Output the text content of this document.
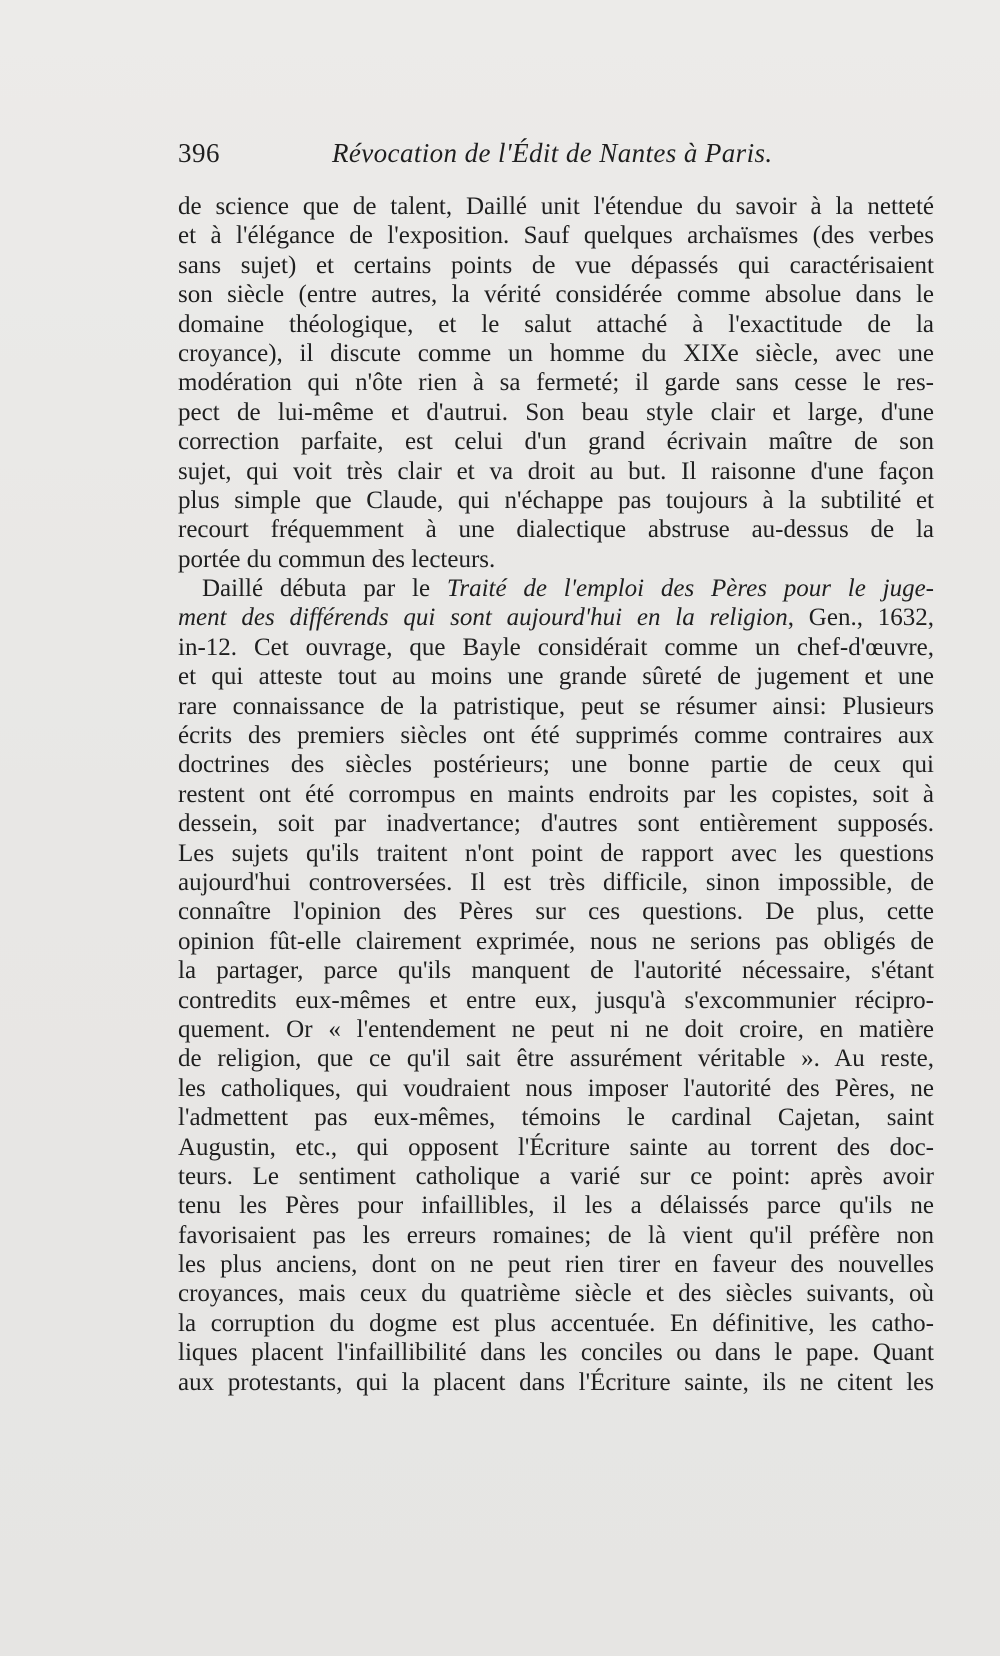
396	Révocation de l'Édit de Nantes à Paris.
de science que de talent, Daillé unit l'étendue du savoir à la netteté
et à l'élégance de l'exposition. Sauf quelques archaïsmes (des verbes
sans sujet) et certains points de vue dépassés qui caractérisaient
son siècle (entre autres, la vérité considérée comme absolue dans le
domaine théologique, et le salut attaché à l'exactitude de la
croyance), il discute comme un homme du XIXe siècle, avec une
modération qui n'ôte rien à sa fermeté; il garde sans cesse le res-
pect de lui-même et d'autrui. Son beau style clair et large, d'une
correction parfaite, est celui d'un grand écrivain maître de son
sujet, qui voit très clair et va droit au but. Il raisonne d'une façon
plus simple que Claude, qui n'échappe pas toujours à la subtilité et
recourt fréquemment à une dialectique abstruse au-dessus de la
portée du commun des lecteurs.
Daillé débuta par le Traité de l'emploi des Pères pour le juge-
ment des différends qui sont aujourd'hui en la religion, Gen., 1632,
in-12. Cet ouvrage, que Bayle considérait comme un chef-d'œuvre,
et qui atteste tout au moins une grande sûreté de jugement et une
rare connaissance de la patristique, peut se résumer ainsi: Plusieurs
écrits des premiers siècles ont été supprimés comme contraires aux
doctrines des siècles postérieurs; une bonne partie de ceux qui
restent ont été corrompus en maints endroits par les copistes, soit à
dessein, soit par inadvertance; d'autres sont entièrement supposés.
Les sujets qu'ils traitent n'ont point de rapport avec les questions
aujourd'hui controversées. Il est très difficile, sinon impossible, de
connaître l'opinion des Pères sur ces questions. De plus, cette
opinion fût-elle clairement exprimée, nous ne serions pas obligés de
la partager, parce qu'ils manquent de l'autorité nécessaire, s'étant
contredits eux-mêmes et entre eux, jusqu'à s'excommunier récipro-
quement. Or « l'entendement ne peut ni ne doit croire, en matière
de religion, que ce qu'il sait être assurément véritable ». Au reste,
les catholiques, qui voudraient nous imposer l'autorité des Pères, ne
l'admettent pas eux-mêmes, témoins le cardinal Cajetan, saint
Augustin, etc., qui opposent l'Écriture sainte au torrent des doc-
teurs. Le sentiment catholique a varié sur ce point: après avoir
tenu les Pères pour infaillibles, il les a délaissés parce qu'ils ne
favorisaient pas les erreurs romaines; de là vient qu'il préfère non
les plus anciens, dont on ne peut rien tirer en faveur des nouvelles
croyances, mais ceux du quatrième siècle et des siècles suivants, où
la corruption du dogme est plus accentuée. En définitive, les catho-
liques placent l'infaillibilité dans les conciles ou dans le pape. Quant
aux protestants, qui la placent dans l'Écriture sainte, ils ne citent les
